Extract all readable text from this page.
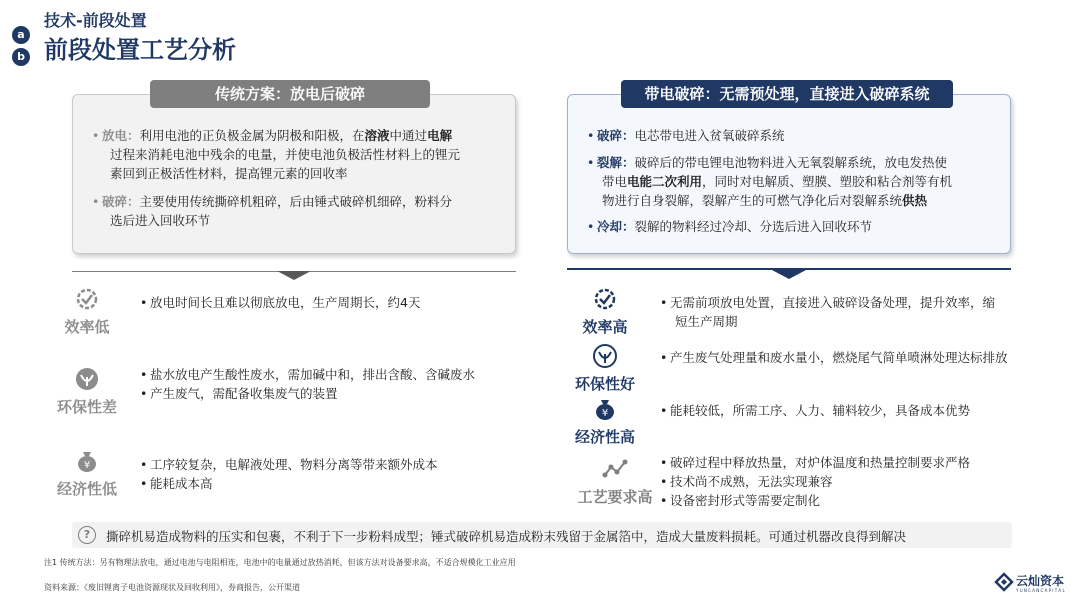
技术-前段处置
a
b 前段处置工艺分析
传统方案：放电后破碎
• 放电：利用电池的正负极金属为阴极和阳极，在溶液中通过电解
过程来消耗电池中残余的电量，并使电池负极活性材料上的锂元
素回到正极活性材料，提高锂元素的回收率
• 破碎：主要使用传统撕碎机粗碎，后由锤式破碎机细碎，粉料分
选后进入回收环节
带电破碎：无需预处理，直接进入破碎系统
• 破碎：电芯带电进入贫氧破碎系统
• 裂解：破碎后的带电锂电池物料进入无氧裂解系统，放电发热使
带电电能二次利用，同时对电解质、塑膜、塑胶和粘合剂等有机
物进行自身裂解，裂解产生的可燃气净化后对裂解系统供热
• 冷却：裂解的物料经过冷却、分选后进入回收环节
效率低
• 放电时间长且难以彻底放电，生产周期长，约4天
环保性差
• 盐水放电产生酸性废水，需加碱中和，排出含酸、含碱废水
• 产生废气，需配备收集废气的装置
¥
经济性低
• 工序较复杂，电解液处理、物料分离等带来额外成本
• 能耗成本高
效率高
• 无需前项放电处置，直接进入破碎设备处理，提升效率，缩
短生产周期
环保性好
• 产生废气处理量和废水量小，燃烧尾气简单喷淋处理达标排放
¥
经济性高
• 能耗较低，所需工序、人力、辅料较少，具备成本优势
工艺要求高
• 破碎过程中释放热量，对炉体温度和热量控制要求严格
• 技术尚不成熟，无法实现兼容
• 设备密封形式等需要定制化
?	撕碎机易造成物料的压实和包裹，不利于下一步粉料成型；锤式破碎机易造成粉末残留于金属箔中，造成大量废料损耗。可通过机器改良得到解决
注1 传统方法：另有物理法放电，通过电池与电阻相连，电池中的电量通过放热消耗，但该方法对设备要求高，不适合规模化工业应用
资料来源：《废旧锂离子电池资源现状及回收利用》，券商报告，公开渠道	云灿资本
Y U N C A N C A P I T A L
